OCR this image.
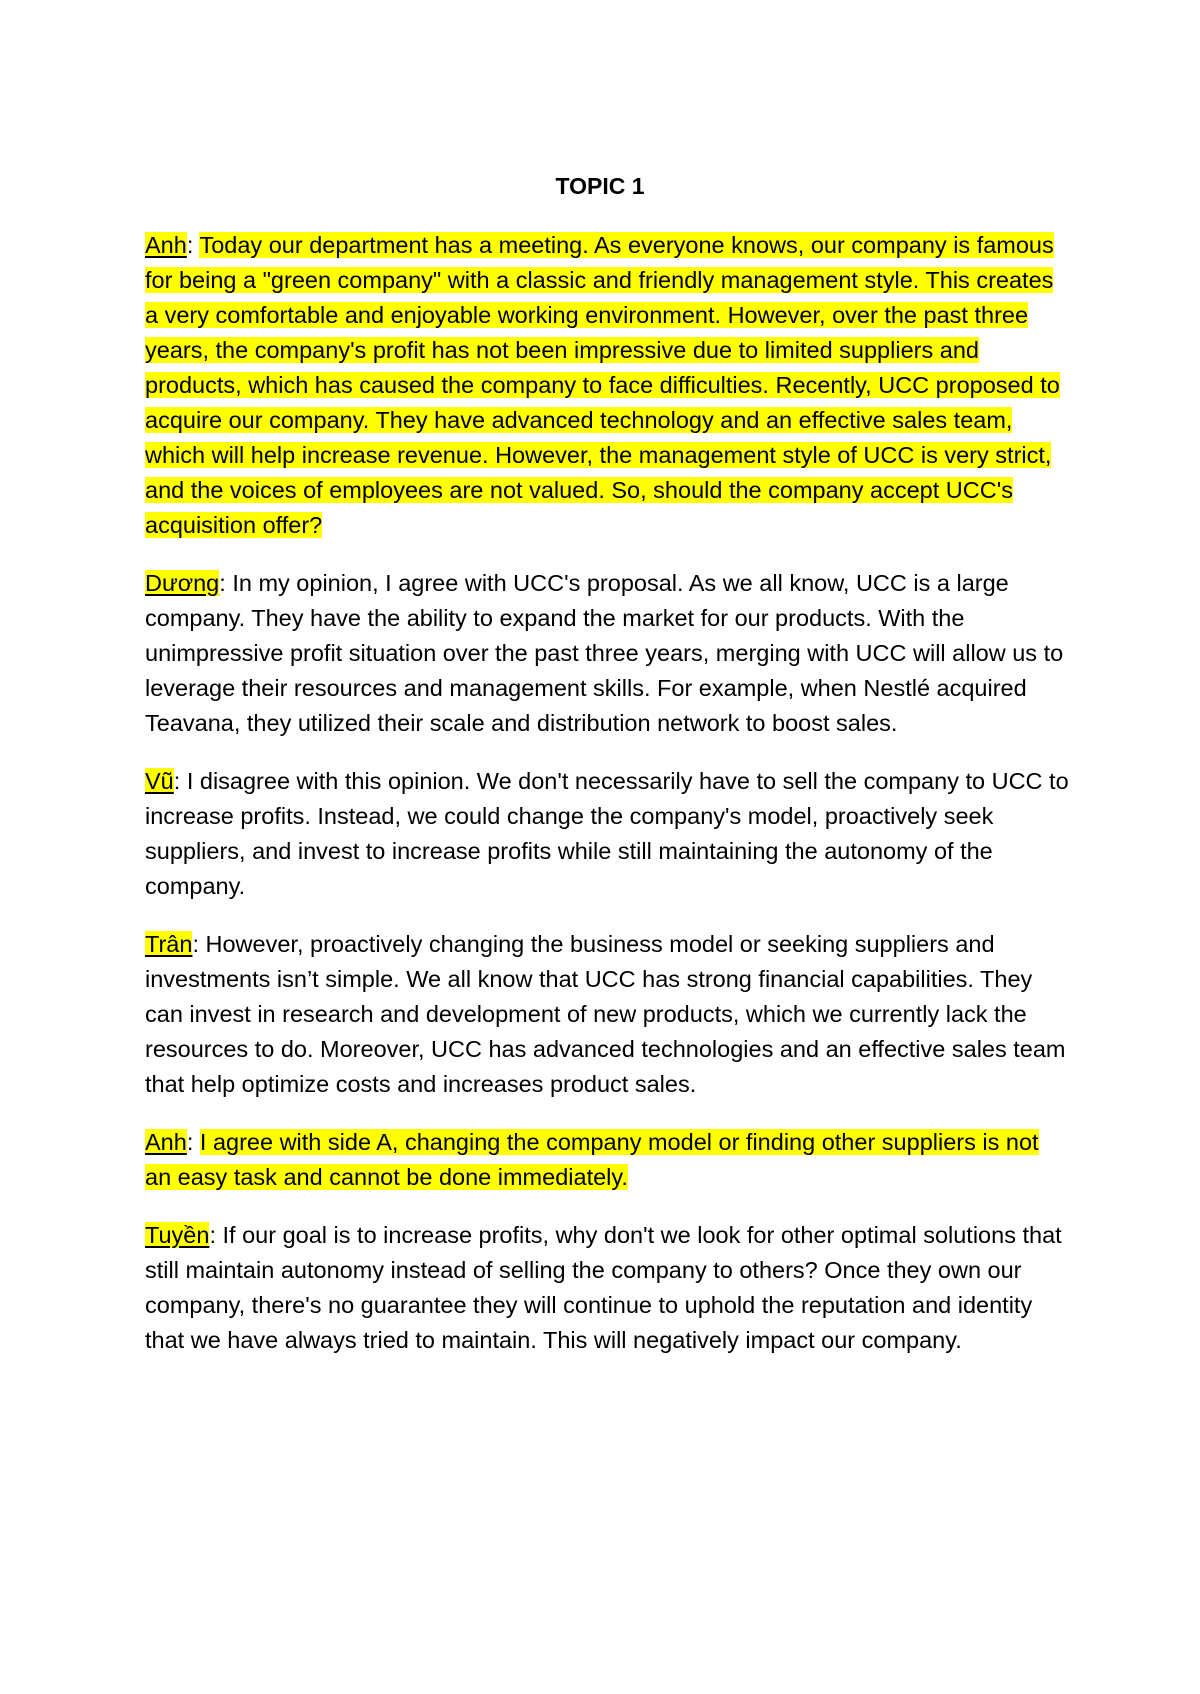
TOPIC 1

Anh: Today our department has a meeting. As everyone knows, our company is famous for being a "green company" with a classic and friendly management style. This creates a very comfortable and enjoyable working environment. However, over the past three years, the company's profit has not been impressive due to limited suppliers and products, which has caused the company to face difficulties. Recently, UCC proposed to acquire our company. They have advanced technology and an effective sales team, which will help increase revenue. However, the management style of UCC is very strict, and the voices of employees are not valued. So, should the company accept UCC's acquisition offer?

Dương: In my opinion, I agree with UCC's proposal. As we all know, UCC is a large company. They have the ability to expand the market for our products. With the unimpressive profit situation over the past three years, merging with UCC will allow us to leverage their resources and management skills. For example, when Nestlé acquired Teavana, they utilized their scale and distribution network to boost sales.

Vũ: I disagree with this opinion. We don't necessarily have to sell the company to UCC to increase profits. Instead, we could change the company's model, proactively seek suppliers, and invest to increase profits while still maintaining the autonomy of the company.

Trân: However, proactively changing the business model or seeking suppliers and investments isn’t simple. We all know that UCC has strong financial capabilities. They can invest in research and development of new products, which we currently lack the resources to do. Moreover, UCC has advanced technologies and an effective sales team that help optimize costs and increases product sales.

Anh: I agree with side A, changing the company model or finding other suppliers is not an easy task and cannot be done immediately.

Tuyền: If our goal is to increase profits, why don't we look for other optimal solutions that still maintain autonomy instead of selling the company to others? Once they own our company, there's no guarantee they will continue to uphold the reputation and identity that we have always tried to maintain. This will negatively impact our company.
